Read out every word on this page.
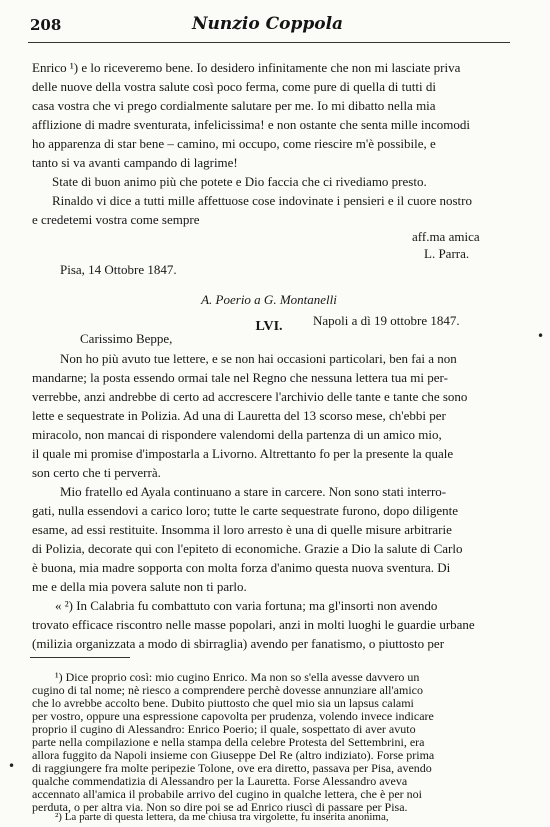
208	Nunzio Coppola
Enrico ¹) e lo riceveremo bene. Io desidero infinitamente che non mi lasciate priva
delle nuove della vostra salute così poco ferma, come pure di quella di tutti di
casa vostra che vi prego cordialmente salutare per me. Io mi dibatto nella mia
afflizione di madre sventurata, infelicissima! e non ostante che senta mille incomodi
ho apparenza di star bene – camino, mi occupo, come riescire m'è possibile, e
tanto si va avanti campando di lagrime!
State di buon animo più che potete e Dio faccia che ci rivediamo presto.
Rinaldo vi dice a tutti mille affettuose cose indovinate i pensieri e il cuore nostro
e credetemi vostra come sempre
aff.ma amica
L. Parra.
Pisa, 14 Ottobre 1847.
A. Poerio a G. Montanelli
LVI.	Napoli a dì 19 ottobre 1847.
Carissimo Beppe,
Non ho più avuto tue lettere, e se non hai occasioni particolari, ben fai a non
mandarne; la posta essendo ormai tale nel Regno che nessuna lettera tua mi per-
verrebbe, anzi andrebbe di certo ad accrescere l'archivio delle tante e tante che sono
lette e sequestrate in Polizia. Ad una di Lauretta del 13 scorso mese, ch'ebbi per
miracolo, non mancai di rispondere valendomi della partenza di un amico mio,
il quale mi promise d'impostarla a Livorno. Altrettanto fo per la presente la quale
son certo che ti perverrà.
Mio fratello ed Ayala continuano a stare in carcere. Non sono stati interro-
gati, nulla essendovi a carico loro; tutte le carte sequestrate furono, dopo diligente
esame, ad essi restituite. Insomma il loro arresto è una di quelle misure arbitrarie
di Polizia, decorate qui con l'epiteto di economiche. Grazie a Dio la salute di Carlo
è buona, mia madre sopporta con molta forza d'animo questa nuova sventura. Di
me e della mia povera salute non ti parlo.
« ²) In Calabria fu combattuto con varia fortuna; ma gl'insorti non avendo
trovato efficace riscontro nelle masse popolari, anzi in molti luoghi le guardie urbane
(milizia organizzata a modo di sbirraglia) avendo per fanatismo, o piuttosto per
¹) Dice proprio così: mio cugino Enrico. Ma non so s'ella avesse davvero un
cugino di tal nome; nè riesco a comprendere perchè dovesse annunziare all'amico
che lo avrebbe accolto bene. Dubito piuttosto che quel mio sia un lapsus calami
per vostro, oppure una espressione capovolta per prudenza, volendo invece indicare
proprio il cugino di Alessandro: Enrico Poerio; il quale, sospettato di aver avuto
parte nella compilazione e nella stampa della celebre Protesta del Settembrini, era
allora fuggito da Napoli insieme con Giuseppe Del Re (altro indiziato). Forse prima
di raggiungere fra molte peripezie Tolone, ove era diretto, passava per Pisa, avendo
qualche commendatizia di Alessandro per la Lauretta. Forse Alessandro aveva
accennato all'amica il probabile arrivo del cugino in qualche lettera, che è per noi
perduta, o per altra via. Non so dire poi se ad Enrico riuscì di passare per Pisa.
²) La parte di questa lettera, da me chiusa tra virgolette, fu inserita anonima,
•
•
